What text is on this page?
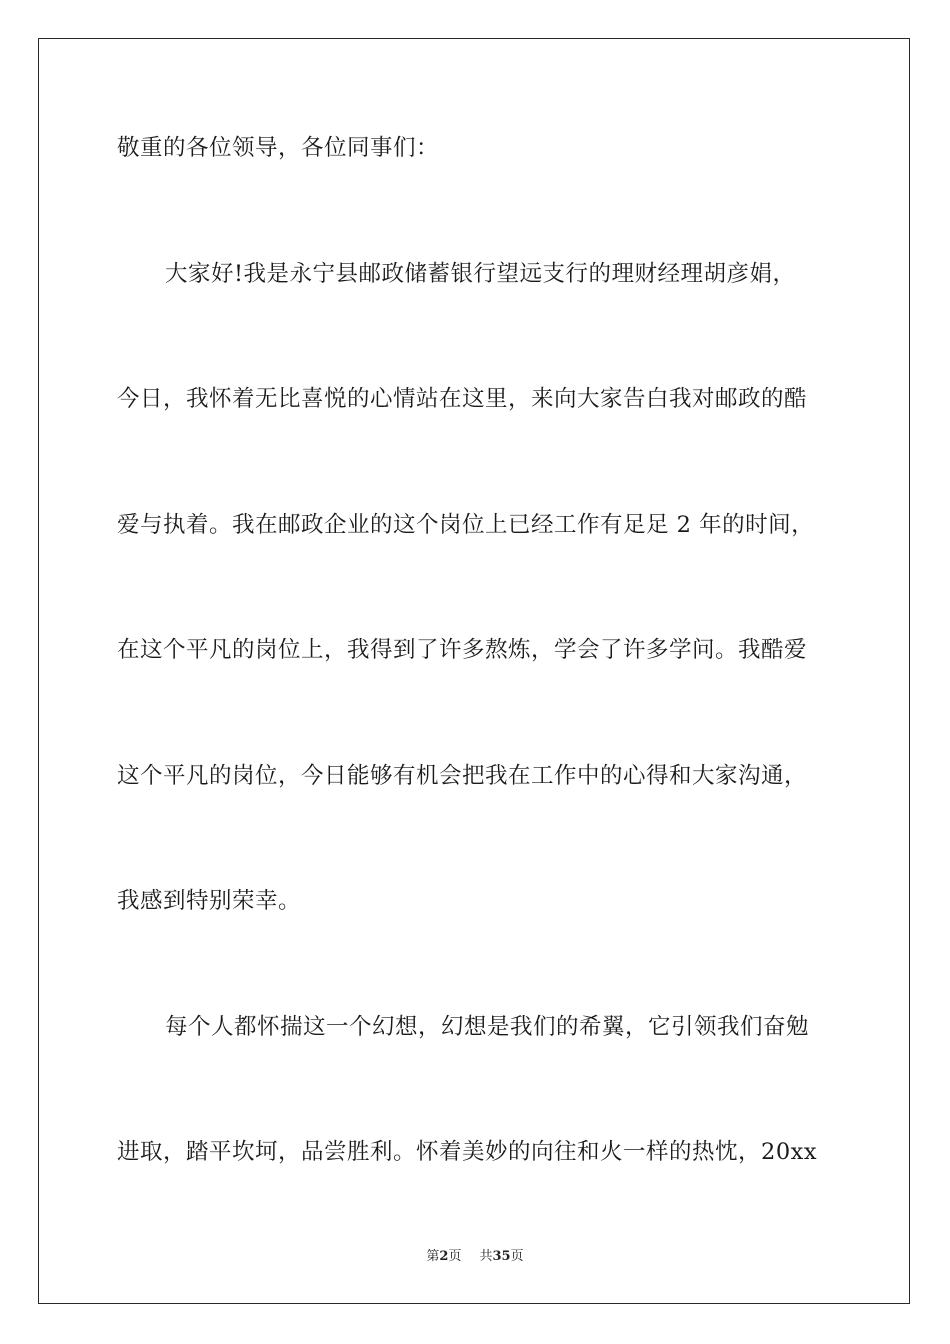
敬重的各位领导，各位同事们：
大家好!我是永宁县邮政储蓄银行望远支行的理财经理胡彦娟，
今日，我怀着无比喜悦的心情站在这里，来向大家告白我对邮政的酷
爱与执着。我在邮政企业的这个岗位上已经工作有足足 2 年的时间，
在这个平凡的岗位上，我得到了许多熬炼，学会了许多学问。我酷爱
这个平凡的岗位，今日能够有机会把我在工作中的心得和大家沟通，
我感到特别荣幸。
每个人都怀揣这一个幻想，幻想是我们的希翼，它引领我们奋勉
进取，踏平坎坷，品尝胜利。怀着美妙的向往和火一样的热忱，20xx
第2页 共35页
